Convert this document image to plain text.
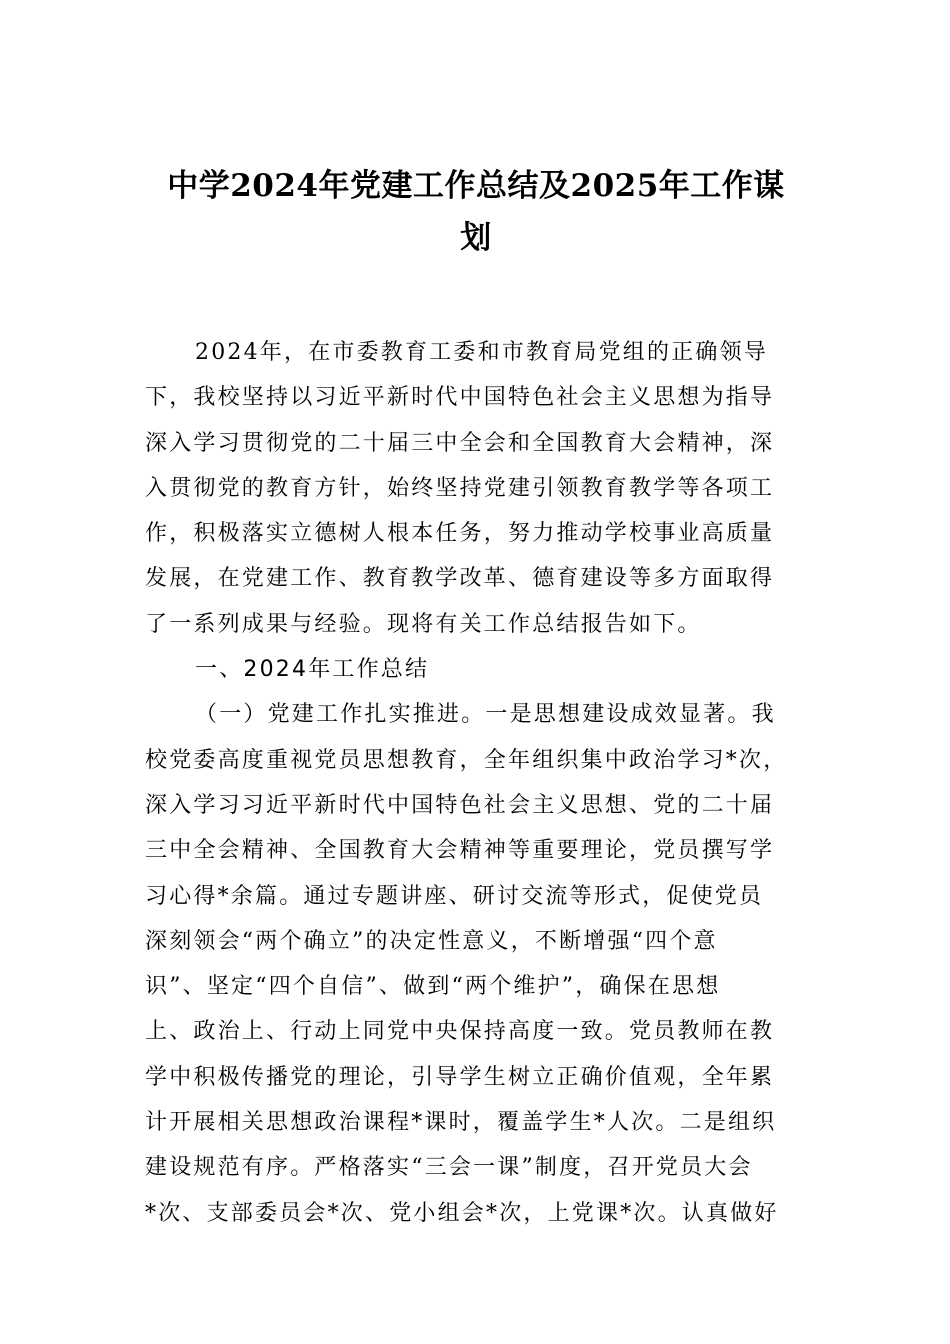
中学2024年党建工作总结及2025年工作谋
划

2024年，在市委教育工委和市教育局党组的正确领导
下，我校坚持以习近平新时代中国特色社会主义思想为指导
深入学习贯彻党的二十届三中全会和全国教育大会精神，深
入贯彻党的教育方针，始终坚持党建引领教育教学等各项工
作，积极落实立德树人根本任务，努力推动学校事业高质量
发展，在党建工作、教育教学改革、德育建设等多方面取得
了一系列成果与经验。现将有关工作总结报告如下。

一、2024年工作总结

（一）党建工作扎实推进。一是思想建设成效显著。我
校党委高度重视党员思想教育，全年组织集中政治学习*次，
深入学习习近平新时代中国特色社会主义思想、党的二十届
三中全会精神、全国教育大会精神等重要理论，党员撰写学
习心得*余篇。通过专题讲座、研讨交流等形式，促使党员
深刻领会“两个确立”的决定性意义，不断增强“四个意
识”、坚定“四个自信”、做到“两个维护”，确保在思想
上、政治上、行动上同党中央保持高度一致。党员教师在教
学中积极传播党的理论，引导学生树立正确价值观，全年累
计开展相关思想政治课程*课时，覆盖学生*人次。二是组织
建设规范有序。严格落实“三会一课”制度，召开党员大会
*次、支部委员会*次、党小组会*次，上党课*次。认真做好
